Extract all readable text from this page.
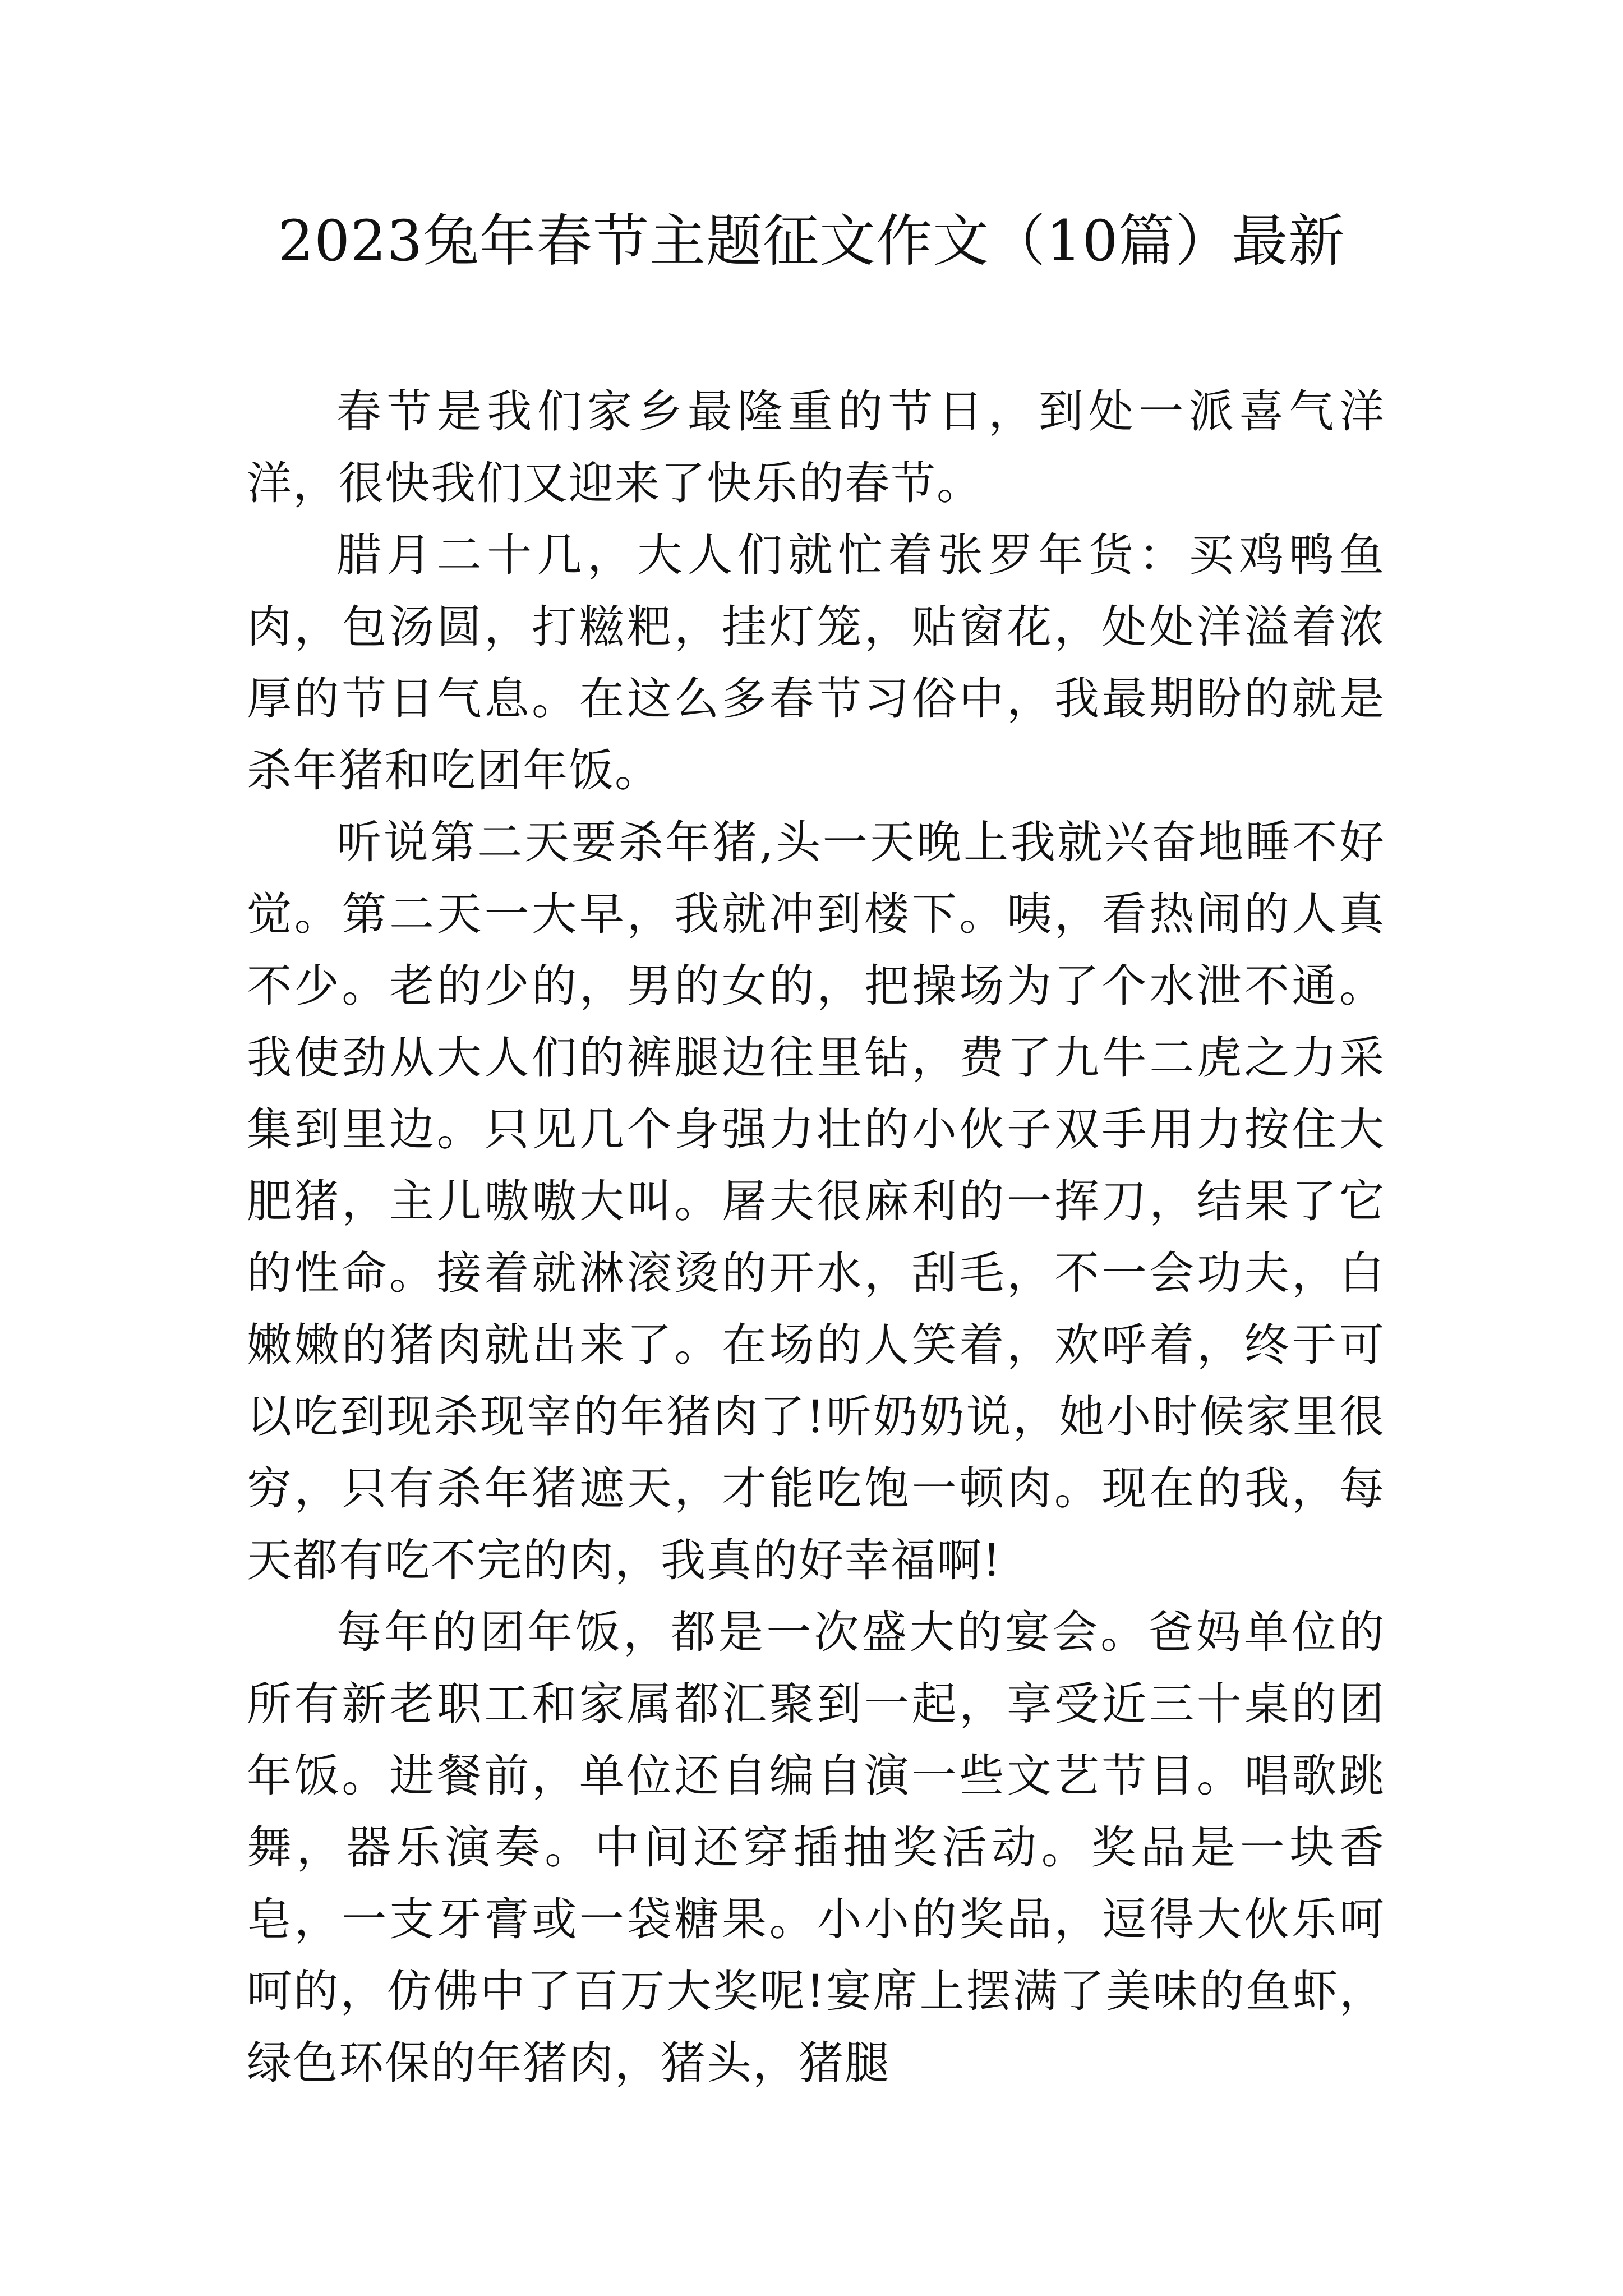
2023兔年春节主题征文作文（10篇）最新

春节是我们家乡最隆重的节日，到处一派喜气洋洋，很快我们又迎来了快乐的春节。

腊月二十几，大人们就忙着张罗年货：买鸡鸭鱼肉，包汤圆，打糍粑，挂灯笼，贴窗花，处处洋溢着浓厚的节日气息。在这么多春节习俗中，我最期盼的就是杀年猪和吃团年饭。

听说第二天要杀年猪,头一天晚上我就兴奋地睡不好觉。第二天一大早，我就冲到楼下。咦，看热闹的人真不少。老的少的，男的女的，把操场为了个水泄不通。我使劲从大人们的裤腿边往里钻，费了九牛二虎之力采集到里边。只见几个身强力壮的小伙子双手用力按住大肥猪，主儿嗷嗷大叫。屠夫很麻利的一挥刀，结果了它的性命。接着就淋滚烫的开水，刮毛，不一会功夫，白嫩嫩的猪肉就出来了。在场的人笑着，欢呼着，终于可以吃到现杀现宰的年猪肉了!听奶奶说，她小时候家里很穷，只有杀年猪遮天，才能吃饱一顿肉。现在的我，每天都有吃不完的肉，我真的好幸福啊!

每年的团年饭，都是一次盛大的宴会。爸妈单位的所有新老职工和家属都汇聚到一起，享受近三十桌的团年饭。进餐前，单位还自编自演一些文艺节目。唱歌跳舞，器乐演奏。中间还穿插抽奖活动。奖品是一块香皂，一支牙膏或一袋糖果。小小的奖品，逗得大伙乐呵呵的，仿佛中了百万大奖呢!宴席上摆满了美味的鱼虾，绿色环保的年猪肉，猪头，猪腿
